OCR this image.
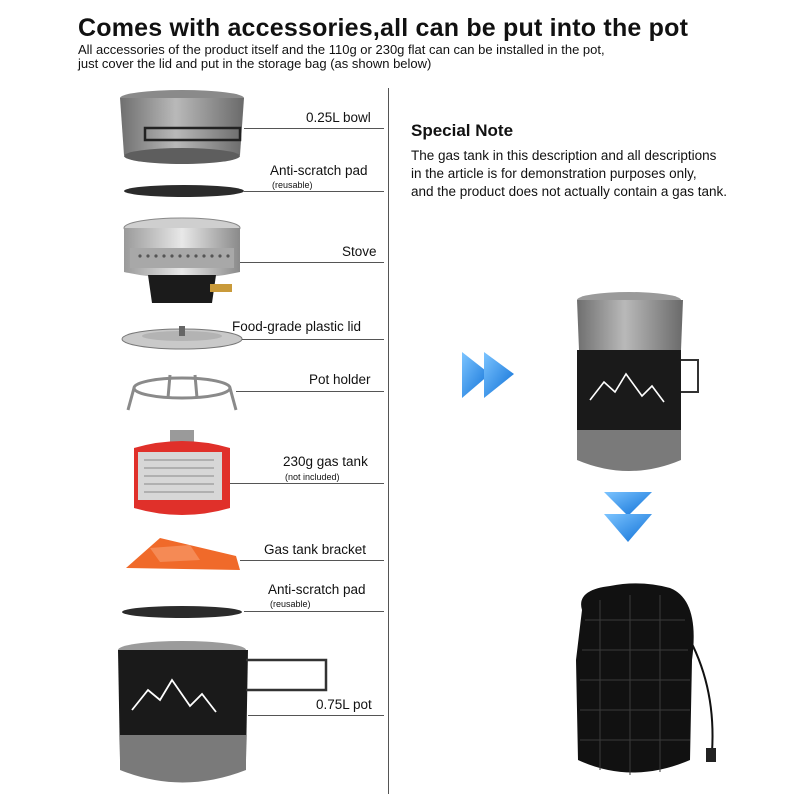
Comes with accessories,all can be put into the pot
All accessories of the product itself and the 110g or 230g flat can can be installed in the pot,
just cover the lid and put in the storage bag (as shown below)
0.25L bowl
Anti-scratch pad
(reusable)
Stove
Food-grade plastic lid
Pot holder
230g gas tank
(not included)
Gas tank bracket
Anti-scratch pad
(reusable)
0.75L pot
Special Note
The gas tank in this description and all descriptions
in the article is for demonstration purposes only,
and the product does not actually contain a gas tank.
